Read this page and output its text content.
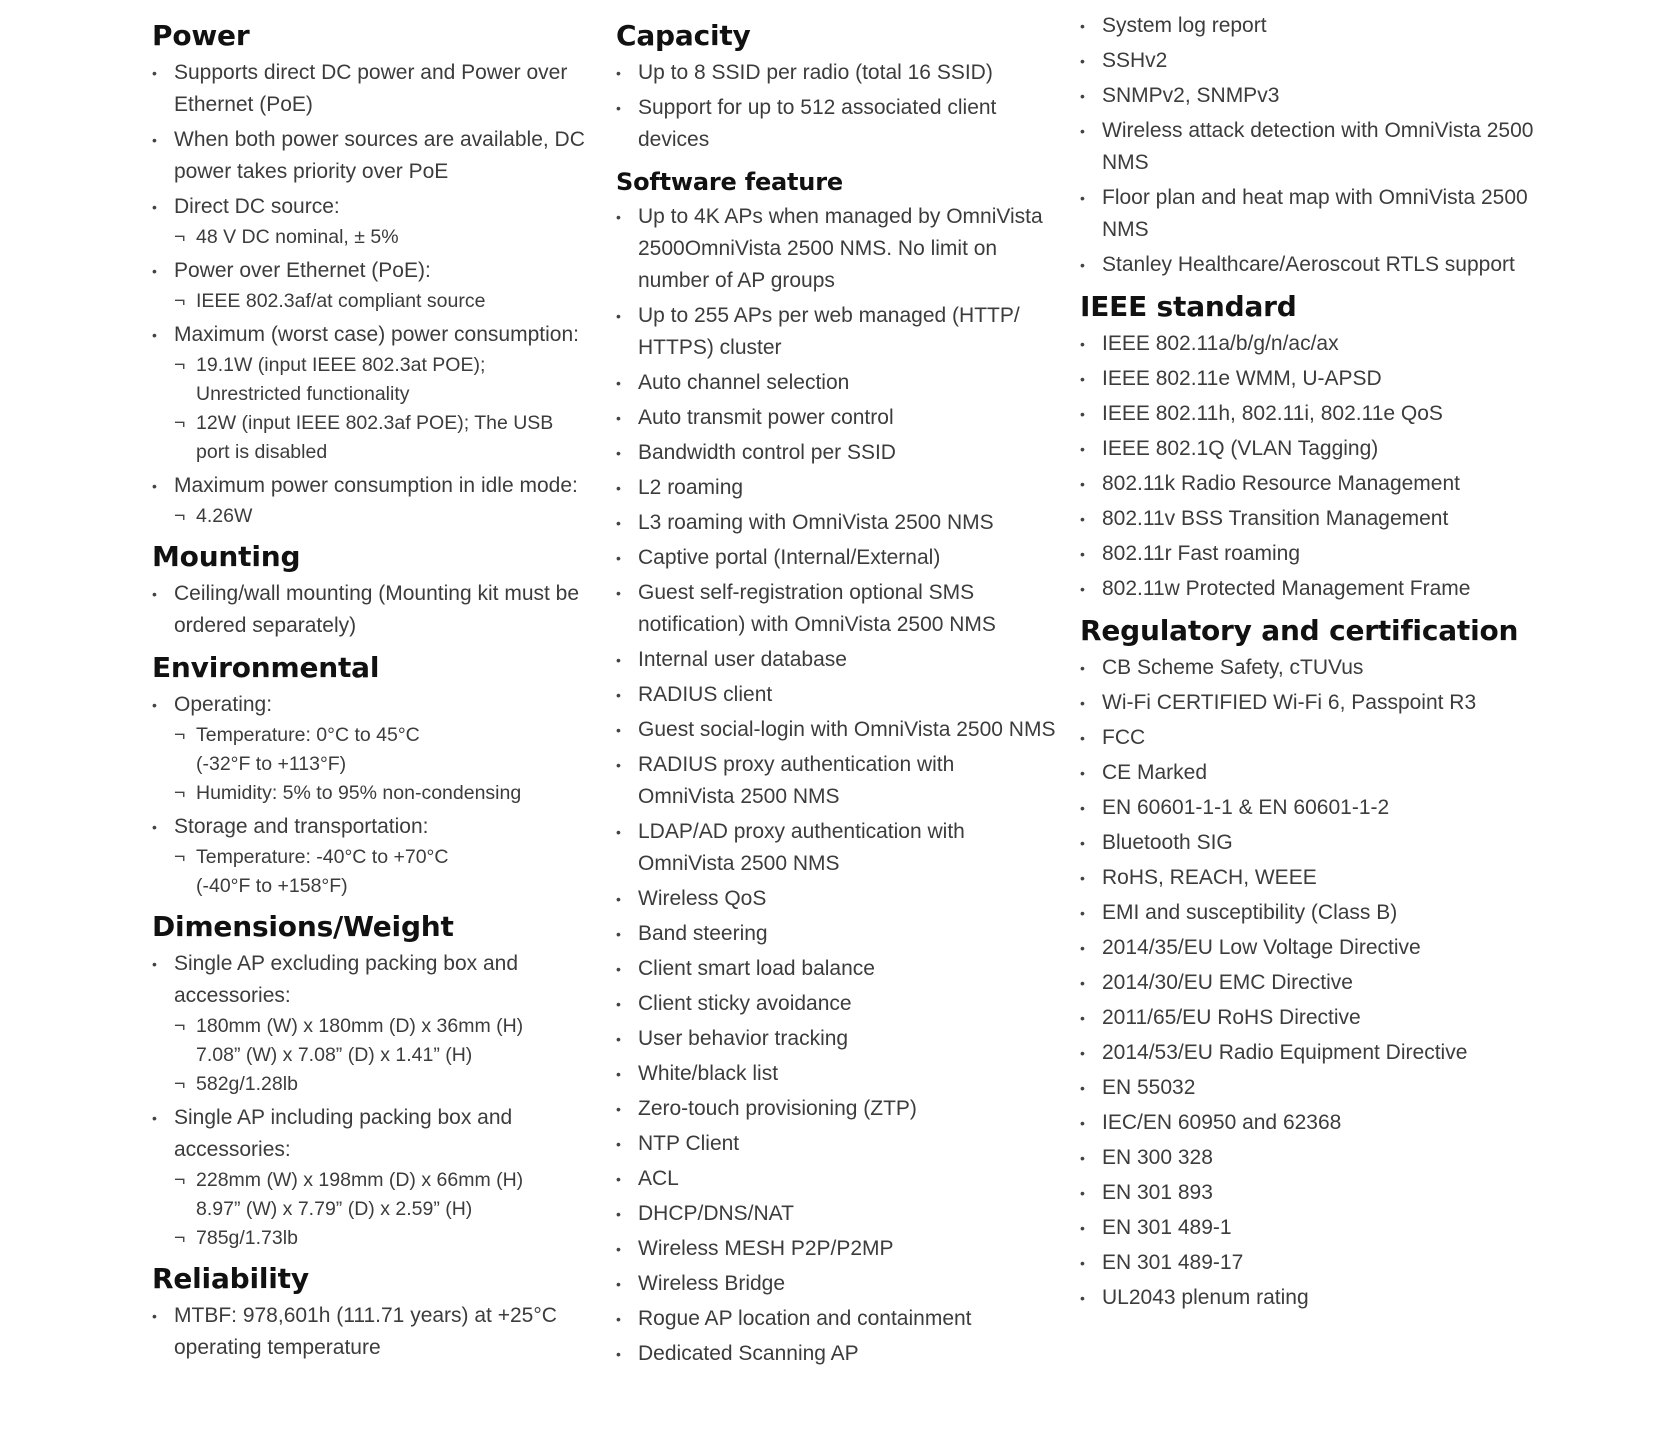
Power
• Supports direct DC power and Power over Ethernet (PoE)
• When both power sources are available, DC power takes priority over PoE
• Direct DC source:
¬ 48 V DC nominal, ± 5%
• Power over Ethernet (PoE):
¬ IEEE 802.3af/at compliant source
• Maximum (worst case) power consumption:
¬ 19.1W (input IEEE 802.3at POE); Unrestricted functionality
¬ 12W (input IEEE 802.3af POE); The USB port is disabled
• Maximum power consumption in idle mode:
¬ 4.26W
Mounting
• Ceiling/wall mounting (Mounting kit must be ordered separately)
Environmental
• Operating:
¬ Temperature: 0°C to 45°C
(-32°F to +113°F)
¬ Humidity: 5% to 95% non-condensing
• Storage and transportation:
¬ Temperature: -40°C to +70°C
(-40°F to +158°F)
Dimensions/Weight
• Single AP excluding packing box and accessories:
¬ 180mm (W) x 180mm (D) x 36mm (H)
7.08” (W) x 7.08” (D) x 1.41” (H)
¬ 582g/1.28lb
• Single AP including packing box and accessories:
¬ 228mm (W) x 198mm (D) x 66mm (H)
8.97” (W) x 7.79” (D) x 2.59” (H)
¬ 785g/1.73lb
Reliability
• MTBF: 978,601h (111.71 years) at +25°C operating temperature
Capacity
• Up to 8 SSID per radio (total 16 SSID)
• Support for up to 512 associated client devices
Software feature
• Up to 4K APs when managed by OmniVista 2500OmniVista 2500 NMS. No limit on number of AP groups
• Up to 255 APs per web managed (HTTP/ HTTPS) cluster
• Auto channel selection
• Auto transmit power control
• Bandwidth control per SSID
• L2 roaming
• L3 roaming with OmniVista 2500 NMS
• Captive portal (Internal/External)
• Guest self-registration optional SMS notification) with OmniVista 2500 NMS
• Internal user database
• RADIUS client
• Guest social-login with OmniVista 2500 NMS
• RADIUS proxy authentication with OmniVista 2500 NMS
• LDAP/AD proxy authentication with OmniVista 2500 NMS
• Wireless QoS
• Band steering
• Client smart load balance
• Client sticky avoidance
• User behavior tracking
• White/black list
• Zero-touch provisioning (ZTP)
• NTP Client
• ACL
• DHCP/DNS/NAT
• Wireless MESH P2P/P2MP
• Wireless Bridge
• Rogue AP location and containment
• Dedicated Scanning AP
• System log report
• SSHv2
• SNMPv2, SNMPv3
• Wireless attack detection with OmniVista 2500 NMS
• Floor plan and heat map with OmniVista 2500 NMS
• Stanley Healthcare/Aeroscout RTLS support
IEEE standard
• IEEE 802.11a/b/g/n/ac/ax
• IEEE 802.11e WMM, U-APSD
• IEEE 802.11h, 802.11i, 802.11e QoS
• IEEE 802.1Q (VLAN Tagging)
• 802.11k Radio Resource Management
• 802.11v BSS Transition Management
• 802.11r Fast roaming
• 802.11w Protected Management Frame
Regulatory and certification
• CB Scheme Safety, cTUVus
• Wi-Fi CERTIFIED Wi-Fi 6, Passpoint R3
• FCC
• CE Marked
• EN 60601-1-1 & EN 60601-1-2
• Bluetooth SIG
• RoHS, REACH, WEEE
• EMI and susceptibility (Class B)
• 2014/35/EU Low Voltage Directive
• 2014/30/EU EMC Directive
• 2011/65/EU RoHS Directive
• 2014/53/EU Radio Equipment Directive
• EN 55032
• IEC/EN 60950 and 62368
• EN 300 328
• EN 301 893
• EN 301 489-1
• EN 301 489-17
• UL2043 plenum rating
